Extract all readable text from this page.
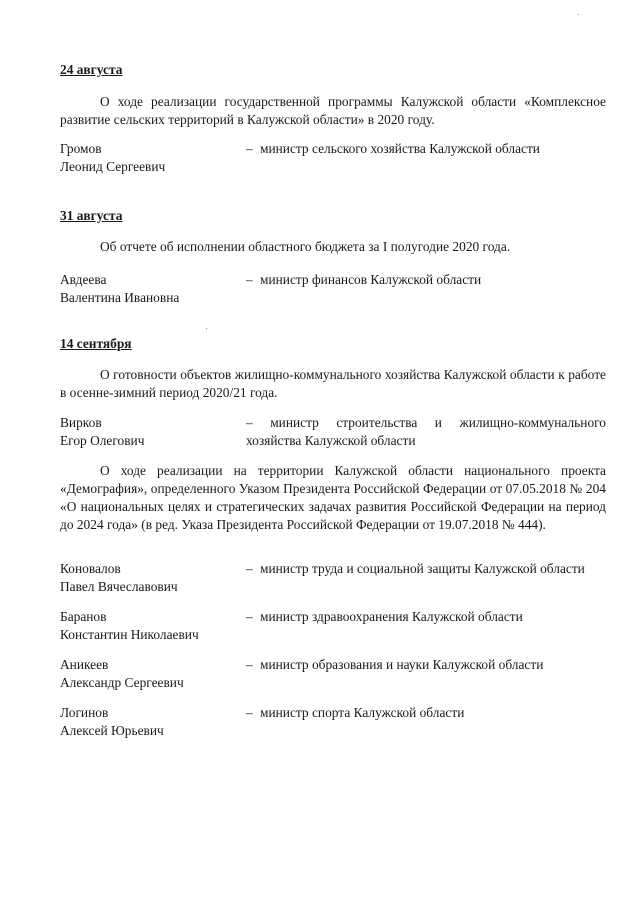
24 августа
О ходе реализации государственной программы Калужской области «Комплексное развитие сельских территорий в Калужской области» в 2020 году.
Громов
Леонид Сергеевич
– министр сельского хозяйства Калужской области
31 августа
Об отчете об исполнении областного бюджета за I полугодие 2020 года.
Авдеева
Валентина Ивановна
– министр финансов Калужской области
14 сентября
О готовности объектов жилищно-коммунального хозяйства Калужской области к работе в осенне-зимний период 2020/21 года.
Вирков
Егор Олегович
– министр строительства и жилищно-коммунального
хозяйства Калужской области
О ходе реализации на территории Калужской области национального проекта «Демография», определенного Указом Президента Российской Федерации от 07.05.2018 № 204 «О национальных целях и стратегических задачах развития Российской Федерации на период до 2024 года» (в ред. Указа Президента Российской Федерации от 19.07.2018 № 444).
Коновалов
Павел Вячеславович
– министр труда и социальной защиты Калужской области
Баранов
Константин Николаевич
– министр здравоохранения Калужской области
Аникеев
Александр Сергеевич
– министр образования и науки Калужской области
Логинов
Алексей Юрьевич
– министр спорта Калужской области
